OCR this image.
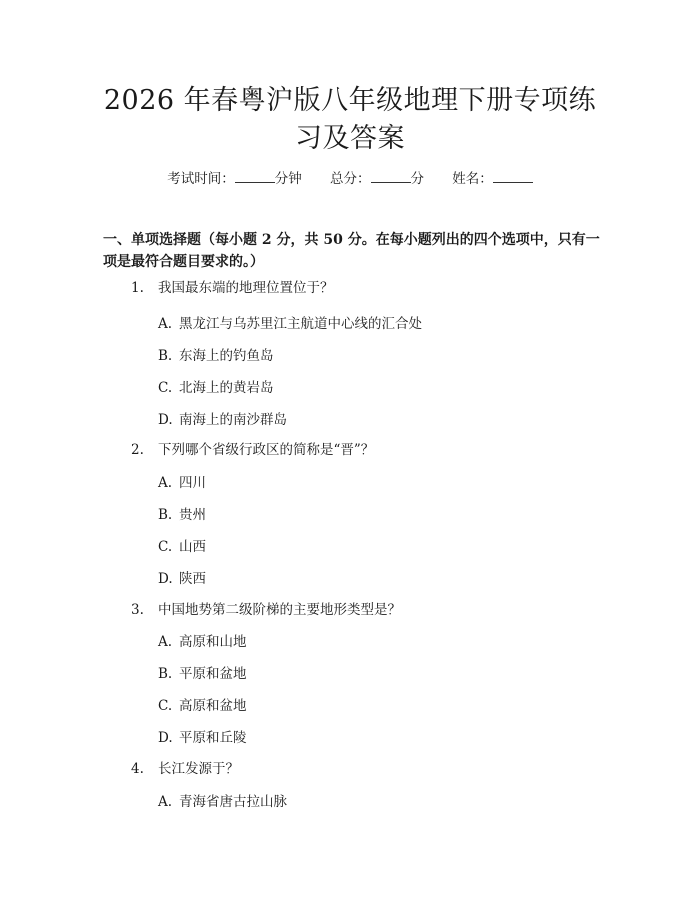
2026 年春粤沪版八年级地理下册专项练习及答案
考试时间：	分钟 总分：	分 姓名：

一、单项选择题（每小题 2 分，共 50 分。在每小题列出的四个选项中，只有一项是最符合题目要求的。）

1. 我国最东端的地理位置位于？
A. 黑龙江与乌苏里江主航道中心线的汇合处
B. 东海上的钓鱼岛
C. 北海上的黄岩岛
D. 南海上的南沙群岛
2. 下列哪个省级行政区的简称是“晋”？
A. 四川
B. 贵州
C. 山西
D. 陕西
3. 中国地势第二级阶梯的主要地形类型是？
A. 高原和山地
B. 平原和盆地
C. 高原和盆地
D. 平原和丘陵
4. 长江发源于？
A. 青海省唐古拉山脉
